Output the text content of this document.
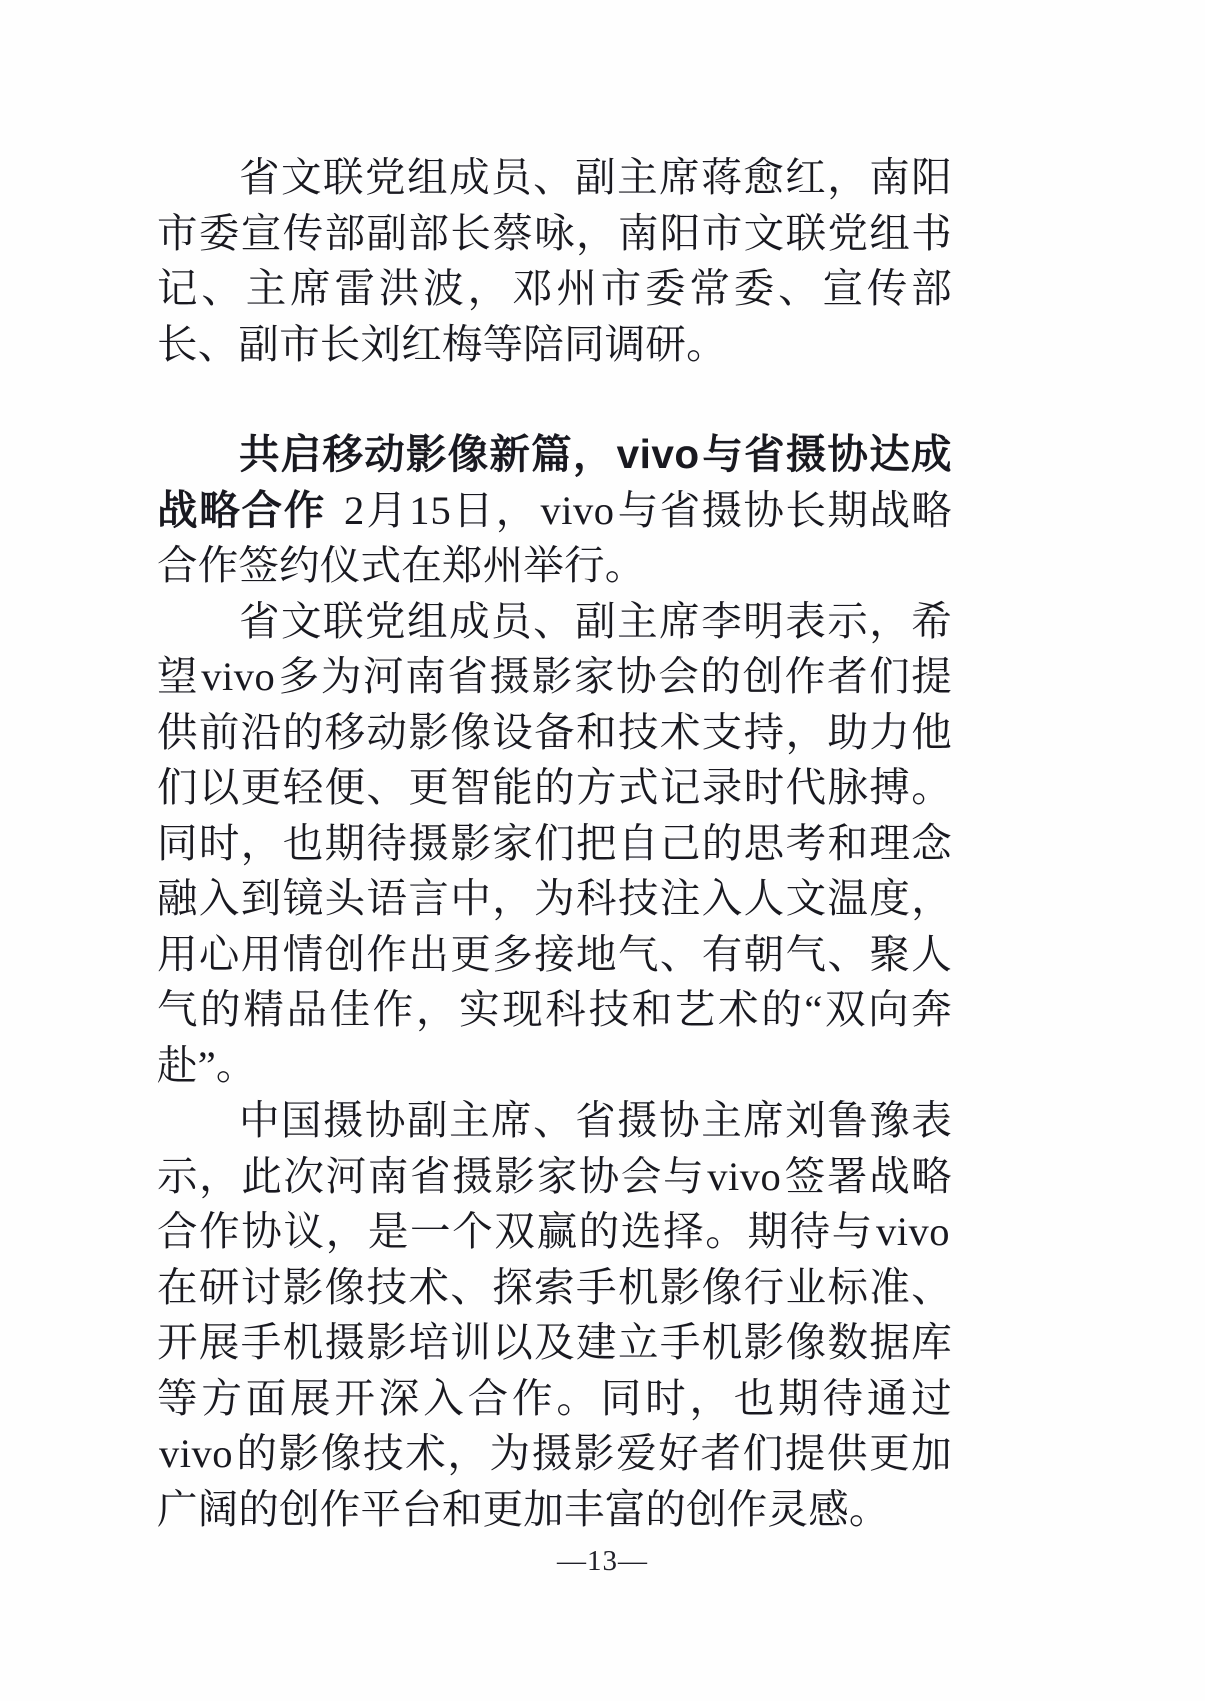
省文联党组成员、副主席蒋愈红，南阳市委宣传部副部长蔡咏，南阳市文联党组书记、主席雷洪波，邓州市委常委、宣传部长、副市长刘红梅等陪同调研。

共启移动影像新篇，vivo与省摄协达成战略合作 2月15日，vivo与省摄协长期战略合作签约仪式在郑州举行。

省文联党组成员、副主席李明表示，希望vivo多为河南省摄影家协会的创作者们提供前沿的移动影像设备和技术支持，助力他们以更轻便、更智能的方式记录时代脉搏。同时，也期待摄影家们把自己的思考和理念融入到镜头语言中，为科技注入人文温度，用心用情创作出更多接地气、有朝气、聚人气的精品佳作，实现科技和艺术的“双向奔赴”。

中国摄协副主席、省摄协主席刘鲁豫表示，此次河南省摄影家协会与vivo签署战略合作协议，是一个双赢的选择。期待与vivo在研讨影像技术、探索手机影像行业标准、开展手机摄影培训以及建立手机影像数据库等方面展开深入合作。同时，也期待通过vivo的影像技术，为摄影爱好者们提供更加广阔的创作平台和更加丰富的创作灵感。

—13—
